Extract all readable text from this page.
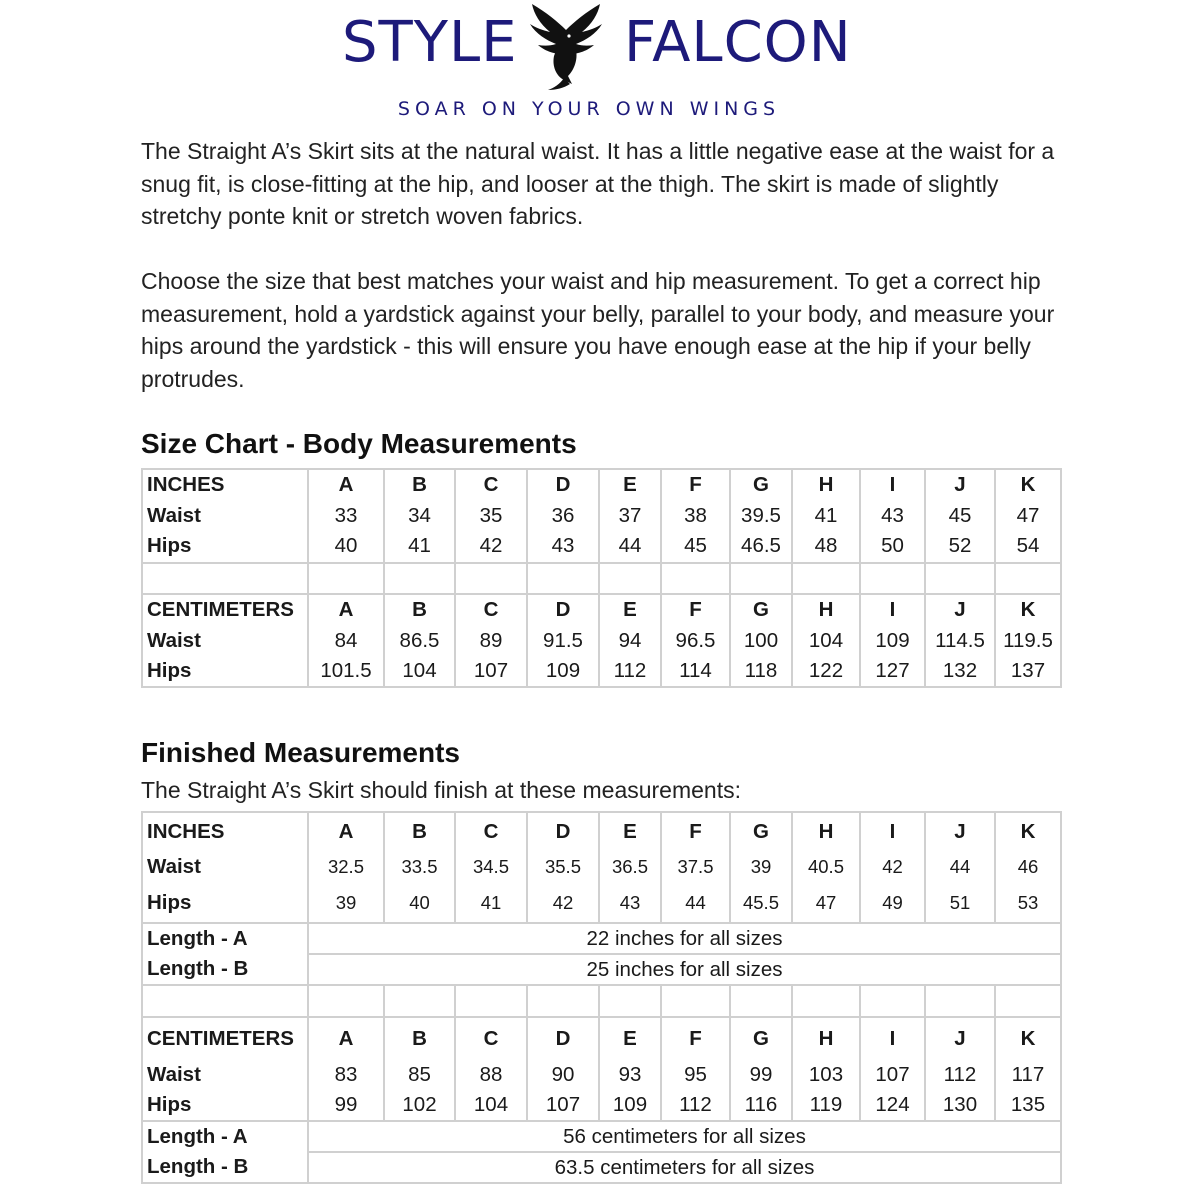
STYLE FALCON
SOAR ON YOUR OWN WINGS

The Straight A’s Skirt sits at the natural waist. It has a little negative ease at the waist for a snug fit, is close-fitting at the hip, and looser at the thigh. The skirt is made of slightly stretchy ponte knit or stretch woven fabrics.

Choose the size that best matches your waist and hip measurement. To get a correct hip measurement, hold a yardstick against your belly, parallel to your body, and measure your hips around the yardstick - this will ensure you have enough ease at the hip if your belly protrudes.

Size Chart - Body Measurements
INCHES	A	B	C	D	E	F	G	H	I	J	K
Waist	33	34	35	36	37	38	39.5	41	43	45	47
Hips	40	41	42	43	44	45	46.5	48	50	52	54

CENTIMETERS	A	B	C	D	E	F	G	H	I	J	K
Waist	84	86.5	89	91.5	94	96.5	100	104	109	114.5	119.5
Hips	101.5	104	107	109	112	114	118	122	127	132	137
Finished Measurements

The Straight A’s Skirt should finish at these measurements:

INCHES	A	B	C	D	E	F	G	H	I	J	K
Waist	32.5	33.5	34.5	35.5	36.5	37.5	39	40.5	42	44	46
Hips	39	40	41	42	43	44	45.5	47	49	51	53
Length - A	22 inches for all sizes										
Length - B	25 inches for all sizes										

CENTIMETERS	A	B	C	D	E	F	G	H	I	J	K
Waist	83	85	88	90	93	95	99	103	107	112	117
Hips	99	102	104	107	109	112	116	119	124	130	135
Length - A	56 centimeters for all sizes										
Length - B	63.5 centimeters for all sizes										
